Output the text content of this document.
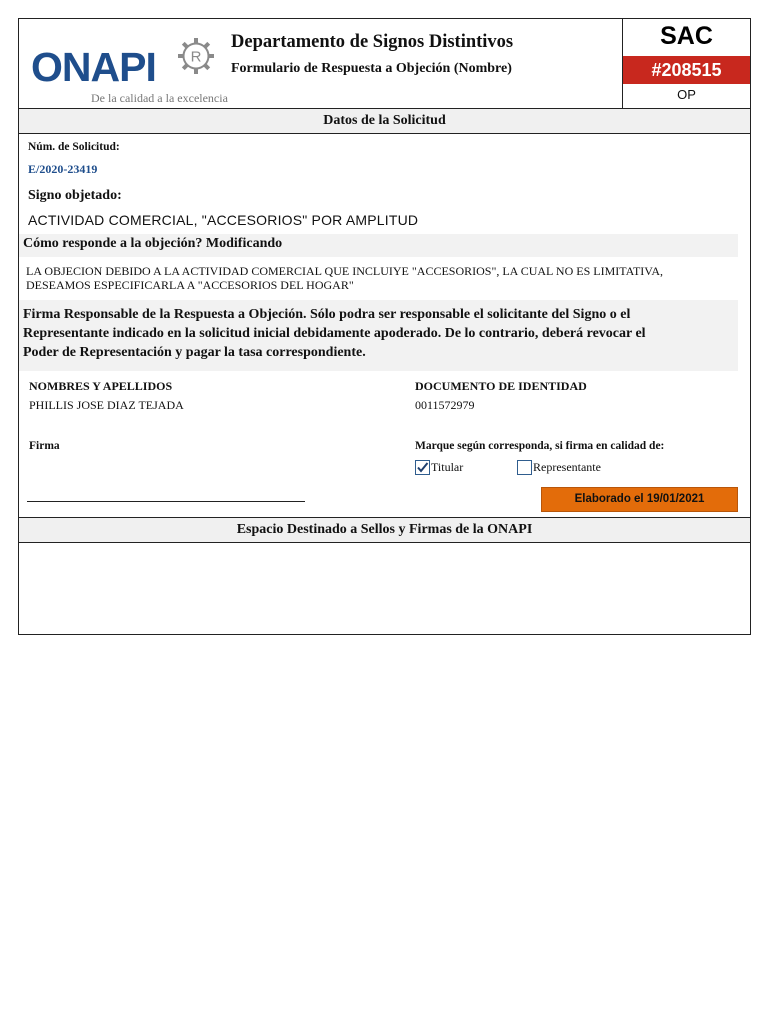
ONAPI R
De la calidad a la excelencia
Departamento de Signos Distintivos
Formulario de Respuesta a Objeción (Nombre)
SAC
#208515
OP
Datos de la Solicitud
Núm. de Solicitud:
E/2020-23419
Signo objetado:
ACTIVIDAD COMERCIAL, "ACCESORIOS" POR AMPLITUD
Cómo responde a la objeción? Modificando
LA OBJECION DEBIDO A LA ACTIVIDAD COMERCIAL QUE INCLUIYE "ACCESORIOS", LA CUAL NO ES LIMITATIVA,
DESEAMOS ESPECIFICARLA A "ACCESORIOS DEL HOGAR"
Firma Responsable de la Respuesta a Objeción. Sólo podra ser responsable el solicitante del Signo o el
Representante indicado en la solicitud inicial debidamente apoderado. De lo contrario, deberá revocar el
Poder de Representación y pagar la tasa correspondiente.
NOMBRES Y APELLIDOS
PHILLIS JOSE DIAZ TEJADA
DOCUMENTO DE IDENTIDAD
0011572979
Firma	Marque según corresponda, si firma en calidad de:
Titular	Representante
Elaborado el 19/01/2021
Espacio Destinado a Sellos y Firmas de la ONAPI
